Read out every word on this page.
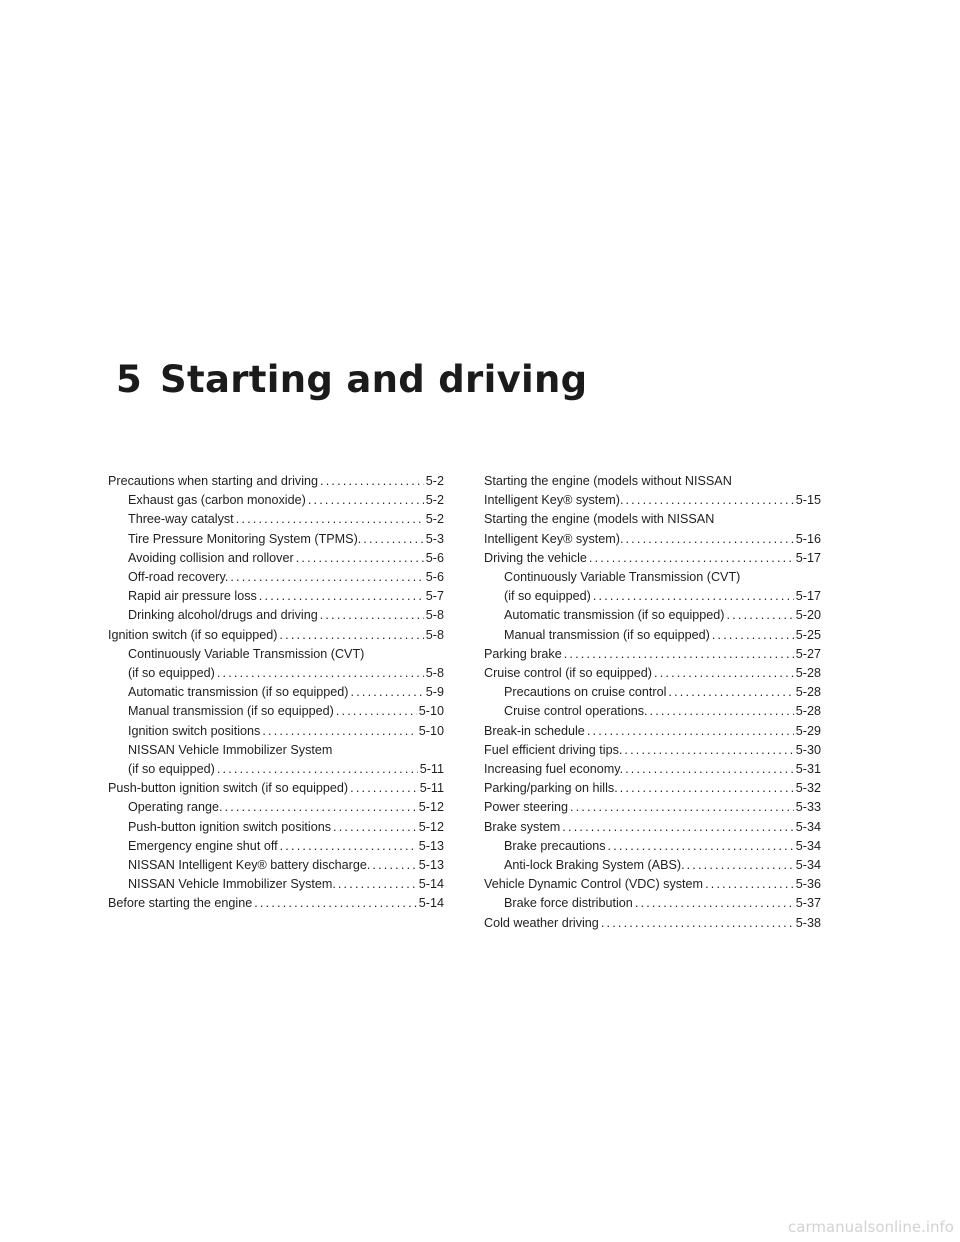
5 Starting and driving
Precautions when starting and driving .....	5-2
Exhaust gas (carbon monoxide) .....	5-2
Three-way catalyst .....	5-2
Tire Pressure Monitoring System (TPMS). .....	5-3
Avoiding collision and rollover .....	5-6
Off-road recovery. .....	5-6
Rapid air pressure loss .....	5-7
Drinking alcohol/drugs and driving .....	5-8
Ignition switch (if so equipped) .....	5-8
Continuously Variable Transmission (CVT)
(if so equipped) .....	5-8
Automatic transmission (if so equipped) .....	5-9
Manual transmission (if so equipped) .....	5-10
Ignition switch positions .....	5-10
NISSAN Vehicle Immobilizer System
(if so equipped) .....	5-11
Push-button ignition switch (if so equipped) .....	5-11
Operating range. .....	5-12
Push-button ignition switch positions .....	5-12
Emergency engine shut off .....	5-13
NISSAN Intelligent Key® battery discharge. .....	5-13
NISSAN Vehicle Immobilizer System. .....	5-14
Before starting the engine .....	5-14
Starting the engine (models without NISSAN
Intelligent Key® system). .....	5-15
Starting the engine (models with NISSAN
Intelligent Key® system). .....	5-16
Driving the vehicle .....	5-17
Continuously Variable Transmission (CVT)
(if so equipped) .....	5-17
Automatic transmission (if so equipped) .....	5-20
Manual transmission (if so equipped) .....	5-25
Parking brake .....	5-27
Cruise control (if so equipped) .....	5-28
Precautions on cruise control .....	5-28
Cruise control operations. .....	5-28
Break-in schedule .....	5-29
Fuel efficient driving tips. .....	5-30
Increasing fuel economy. .....	5-31
Parking/parking on hills. .....	5-32
Power steering .....	5-33
Brake system .....	5-34
Brake precautions .....	5-34
Anti-lock Braking System (ABS). .....	5-34
Vehicle Dynamic Control (VDC) system .....	5-36
Brake force distribution .....	5-37
Cold weather driving .....	5-38
carmanualsonline.info
